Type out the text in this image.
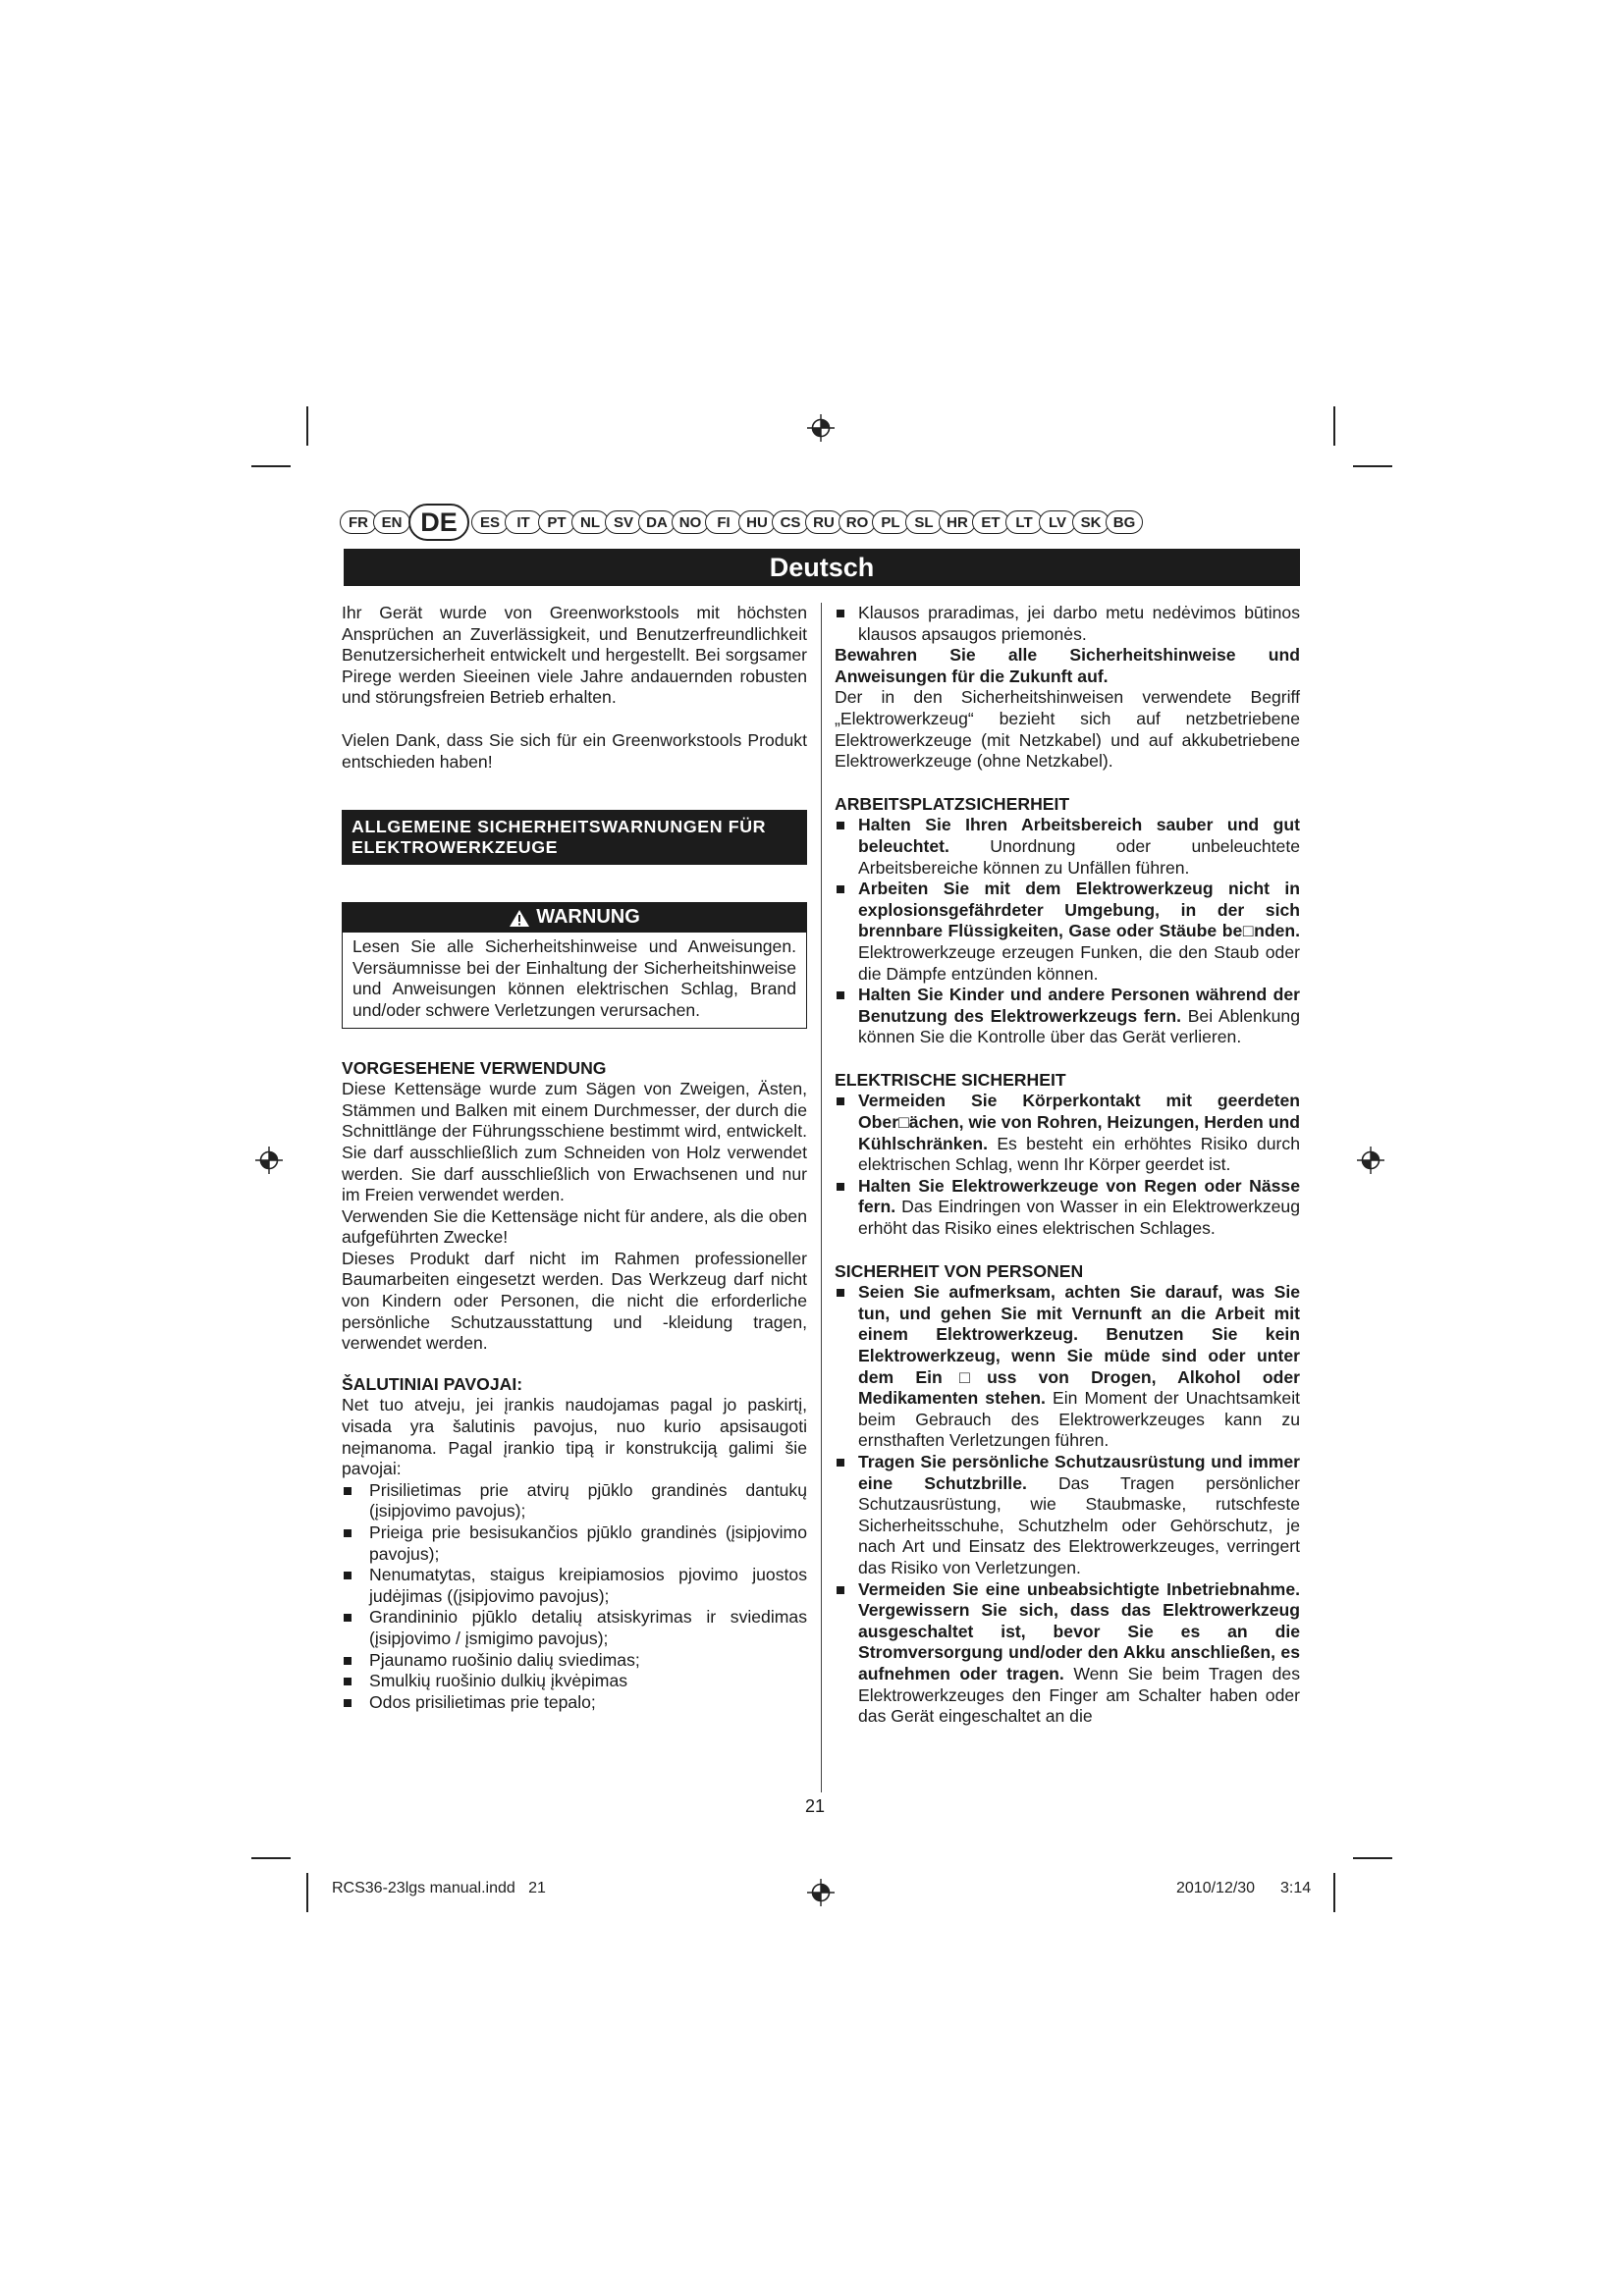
FR EN DE	ES	IT	PT NL SV DA NO	FI	HU CS RU RO PL SL HR ET	LT	LV SK BG
Deutsch

Ihr Gerät wurde von Greenworkstools mit höchsten Ansprüchen an Zuverlässigkeit, und Benutzerfreundlichkeit Benutzersicherheit entwickelt und hergestellt. Bei sorgsamer Pirege werden Sieeinen viele Jahre andauernden robusten und störungsfreien Betrieb erhalten.

Vielen Dank, dass Sie sich für ein Greenworkstools Produkt entschieden haben!

ALLGEMEINE SICHERHEITSWARNUNGEN FÜR ELEKTROWERKZEUGE
WARNUNG

Lesen Sie alle Sicherheitshinweise und Anweisungen. Versäumnisse bei der Einhaltung der Sicherheitshinweise und Anweisungen können elektrischen Schlag, Brand und/oder schwere Verletzungen verursachen.

VORGESEHENE VERWENDUNG

Diese Kettensäge wurde zum Sägen von Zweigen, Ästen, Stämmen und Balken mit einem Durchmesser, der durch die Schnittlänge der Führungsschiene bestimmt wird, entwickelt. Sie darf ausschließlich zum Schneiden von Holz verwendet werden. Sie darf ausschließlich von Erwachsenen und nur im Freien verwendet werden.

Verwenden Sie die Kettensäge nicht für andere, als die oben aufgeführten Zwecke!

Dieses Produkt darf nicht im Rahmen professioneller Baumarbeiten eingesetzt werden. Das Werkzeug darf nicht von Kindern oder Personen, die nicht die erforderliche persönliche Schutzausstattung und -kleidung tragen, verwendet werden.

ŠALUTINIAI PAVOJAI:

Net tuo atveju, jei įrankis naudojamas pagal jo paskirtį, visada yra šalutinis pavojus, nuo kurio apsisaugoti neįmanoma. Pagal įrankio tipą ir konstrukciją galimi šie pavojai:

Prisilietimas prie atvirų pjūklo grandinės dantukų (įsipjovimo pavojus);
Prieiga prie besisukančios pjūklo grandinės (įsipjovimo pavojus);
Nenumatytas, staigus kreipiamosios pjovimo juostos judėjimas ((įsipjovimo pavojus);
Grandininio pjūklo detalių atsiskyrimas ir sviedimas (įsipjovimo / įsmigimo pavojus);
Pjaunamo ruošinio dalių sviedimas;
Smulkių ruošinio dulkių įkvėpimas
Odos prisilietimas prie tepalo;
Klausos praradimas, jei darbo metu nedėvimos būtinos klausos apsaugos priemonės.

Bewahren Sie alle Sicherheitshinweise und Anweisungen für die Zukunft auf.

Der in den Sicherheitshinweisen verwendete Begriff „Elektrowerkzeug“ bezieht sich auf netzbetriebene Elektrowerkzeuge (mit Netzkabel) und auf akkubetriebene Elektrowerkzeuge (ohne Netzkabel).

ARBEITSPLATZSICHERHEIT

Halten Sie Ihren Arbeitsbereich sauber und gut beleuchtet. Unordnung oder unbeleuchtete Arbeitsbereiche können zu Unfällen führen.
Arbeiten Sie mit dem Elektrowerkzeug nicht in explosionsgefährdeter Umgebung, in der sich brennbare Flüssigkeiten, Gase oder Stäube be□nden. Elektrowerkzeuge erzeugen Funken, die den Staub oder die Dämpfe entzünden können.
Halten Sie Kinder und andere Personen während der Benutzung des Elektrowerkzeugs fern. Bei Ablenkung können Sie die Kontrolle über das Gerät verlieren.

ELEKTRISCHE SICHERHEIT

Vermeiden Sie Körperkontakt mit geerdeten Ober□ächen, wie von Rohren, Heizungen, Herden und Kühlschränken. Es besteht ein erhöhtes Risiko durch elektrischen Schlag, wenn Ihr Körper geerdet ist.
Halten Sie Elektrowerkzeuge von Regen oder Nässe fern. Das Eindringen von Wasser in ein Elektrowerkzeug erhöht das Risiko eines elektrischen Schlages.

SICHERHEIT VON PERSONEN

Seien Sie aufmerksam, achten Sie darauf, was Sie tun, und gehen Sie mit Vernunft an die Arbeit mit einem Elektrowerkzeug. Benutzen Sie kein Elektrowerkzeug, wenn Sie müde sind oder unter dem Ein□uss von Drogen, Alkohol oder Medikamenten stehen. Ein Moment der Unachtsamkeit beim Gebrauch des Elektrowerkzeuges kann zu ernsthaften Verletzungen führen.
Tragen Sie persönliche Schutzausrüstung und immer eine Schutzbrille. Das Tragen persönlicher Schutzausrüstung, wie Staubmaske, rutschfeste Sicherheitsschuhe, Schutzhelm oder Gehörschutz, je nach Art und Einsatz des Elektrowerkzeuges, verringert das Risiko von Verletzungen.
Vermeiden Sie eine unbeabsichtigte Inbetriebnahme. Vergewissern Sie sich, dass das Elektrowerkzeug ausgeschaltet ist, bevor Sie es an die Stromversorgung und/oder den Akku anschließen, es aufnehmen oder tragen. Wenn Sie beim Tragen des Elektrowerkzeuges den Finger am Schalter haben oder das Gerät eingeschaltet an die
21
RCS36-23lgs manual.indd   21	2010/12/30 3:14
